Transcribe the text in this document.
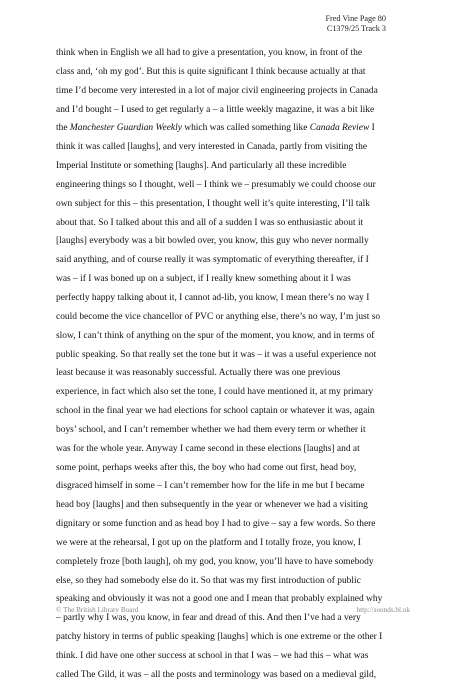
Fred Vine Page 80
C1379/25 Track 3
think when in English we all had to give a presentation, you know, in front of the
class and, ‘oh my god’. But this is quite significant I think because actually at that
time I’d become very interested in a lot of major civil engineering projects in Canada
and I’d bought – I used to get regularly a – a little weekly magazine, it was a bit like
the Manchester Guardian Weekly which was called something like Canada Review I
think it was called [laughs], and very interested in Canada, partly from visiting the
Imperial Institute or something [laughs]. And particularly all these incredible
engineering things so I thought, well – I think we – presumably we could choose our
own subject for this – this presentation, I thought well it’s quite interesting, I’ll talk
about that. So I talked about this and all of a sudden I was so enthusiastic about it
[laughs] everybody was a bit bowled over, you know, this guy who never normally
said anything, and of course really it was symptomatic of everything thereafter, if I
was – if I was boned up on a subject, if I really knew something about it I was
perfectly happy talking about it, I cannot ad-lib, you know, I mean there’s no way I
could become the vice chancellor of PVC or anything else, there’s no way, I’m just so
slow, I can’t think of anything on the spur of the moment, you know, and in terms of
public speaking. So that really set the tone but it was – it was a useful experience not
least because it was reasonably successful. Actually there was one previous
experience, in fact which also set the tone, I could have mentioned it, at my primary
school in the final year we had elections for school captain or whatever it was, again
boys’ school, and I can’t remember whether we had them every term or whether it
was for the whole year. Anyway I came second in these elections [laughs] and at
some point, perhaps weeks after this, the boy who had come out first, head boy,
disgraced himself in some – I can’t remember how for the life in me but I became
head boy [laughs] and then subsequently in the year or whenever we had a visiting
dignitary or some function and as head boy I had to give – say a few words. So there
we were at the rehearsal, I got up on the platform and I totally froze, you know, I
completely froze [both laugh], oh my god, you know, you’ll have to have somebody
else, so they had somebody else do it. So that was my first introduction of public
speaking and obviously it was not a good one and I mean that probably explained why
– partly why I was, you know, in fear and dread of this. And then I’ve had a very
patchy history in terms of public speaking [laughs] which is one extreme or the other I
think. I did have one other success at school in that I was – we had this – what was
called The Gild, it was – all the posts and terminology was based on a medieval gild,
© The British Library Board	http://sounds.bl.uk
